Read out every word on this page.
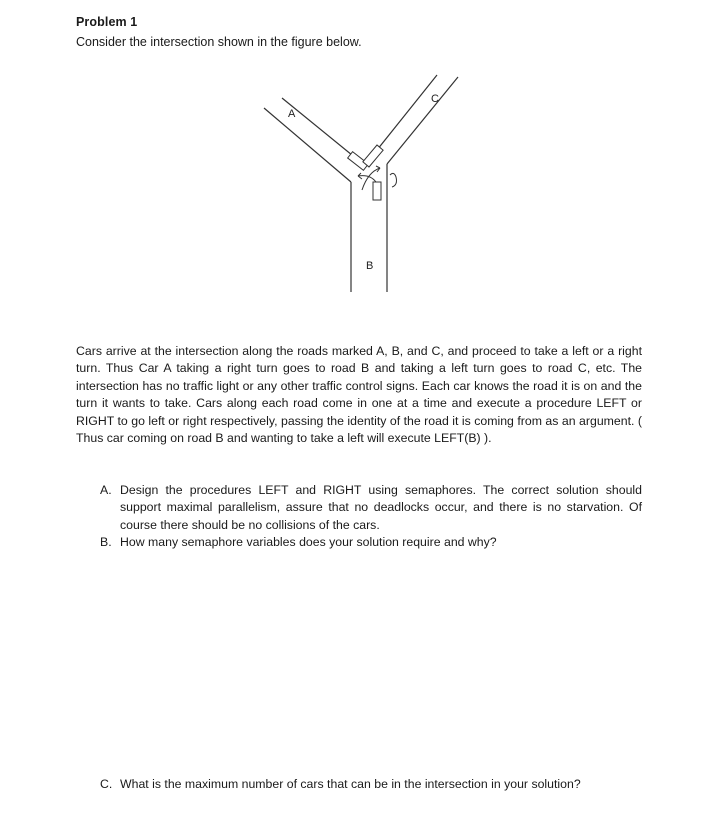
Problem 1
Consider the intersection shown in the figure below.
A
C
B
Cars arrive at the intersection along the roads marked A, B, and C, and proceed to take a left or a right turn. Thus Car A taking a right turn goes to road B and taking a left turn goes to road C, etc. The intersection has no traffic light or any other traffic control signs. Each car knows the road it is on and the turn it wants to take. Cars along each road come in one at a time and execute a procedure LEFT or RIGHT to go left or right respectively, passing the identity of the road it is coming from as an argument. ( Thus car coming on road B and wanting to take a left will execute LEFT(B) ).
A. Design the procedures LEFT and RIGHT using semaphores. The correct solution should support maximal parallelism, assure that no deadlocks occur, and there is no starvation. Of course there should be no collisions of the cars.
B. How many semaphore variables does your solution require and why?
C. What is the maximum number of cars that can be in the intersection in your solution?
